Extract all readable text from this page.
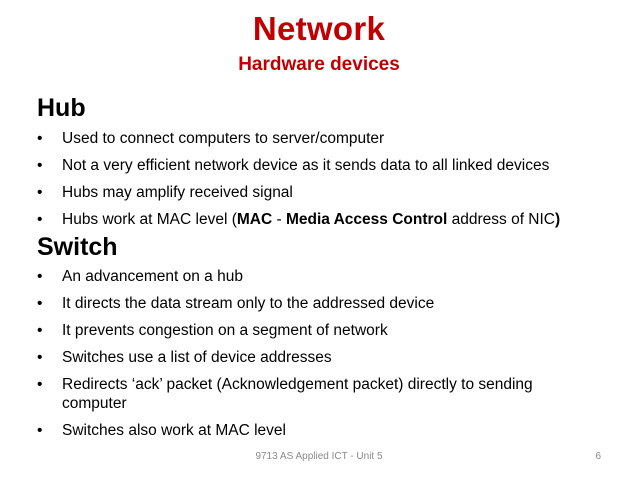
Network
Hardware devices
Hub
• Used to connect computers to server/computer
• Not a very efficient network device as it sends data to all linked devices
• Hubs may amplify received signal
• Hubs work at MAC level (MAC - Media Access Control address of NIC)
Switch
• An advancement on a hub
• It directs the data stream only to the addressed device
• It prevents congestion on a segment of network
• Switches use a list of device addresses
• Redirects ‘ack’ packet (Acknowledgement packet) directly to sending computer
• Switches also work at MAC level
9713 AS Applied ICT - Unit 5	6
